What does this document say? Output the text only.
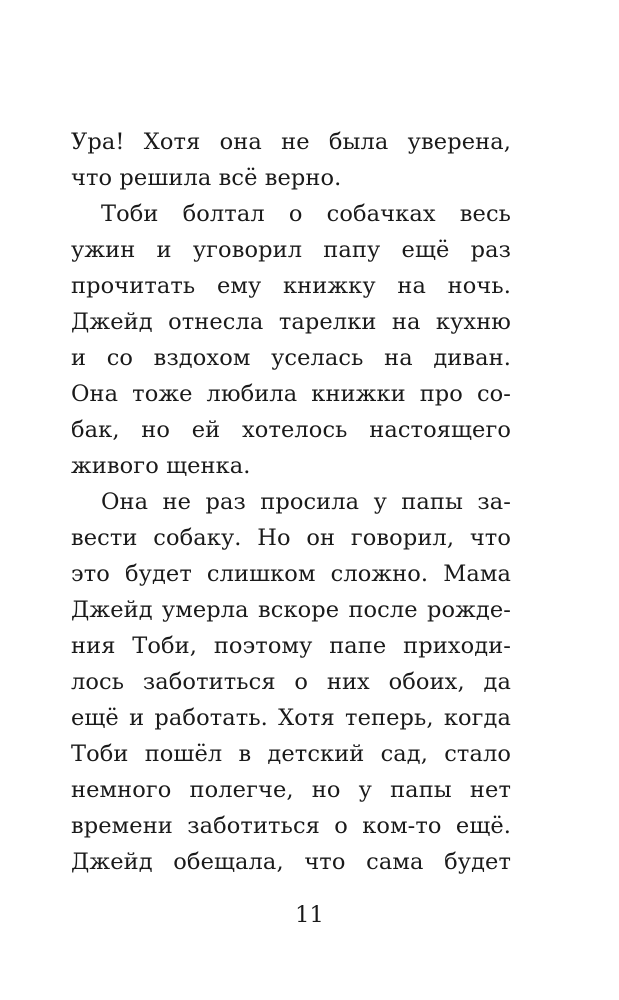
Ура! Хотя она не была уверена,
что решила всё верно.
Тоби болтал о собачках весь
ужин и уговорил папу ещё раз
прочитать ему книжку на ночь.
Джейд отнесла тарелки на кухню
и со вздохом уселась на диван.
Она тоже любила книжки про со-
бак, но ей хотелось настоящего
живого щенка.
Она не раз просила у папы за-
вести собаку. Но он говорил, что
это будет слишком сложно. Мама
Джейд умерла вскоре после рожде-
ния Тоби, поэтому папе приходи-
лось заботиться о них обоих, да
ещё и работать. Хотя теперь, когда
Тоби пошёл в детский сад, стало
немного полегче, но у папы нет
времени заботиться о ком-то ещё.
Джейд обещала, что сама будет
11
